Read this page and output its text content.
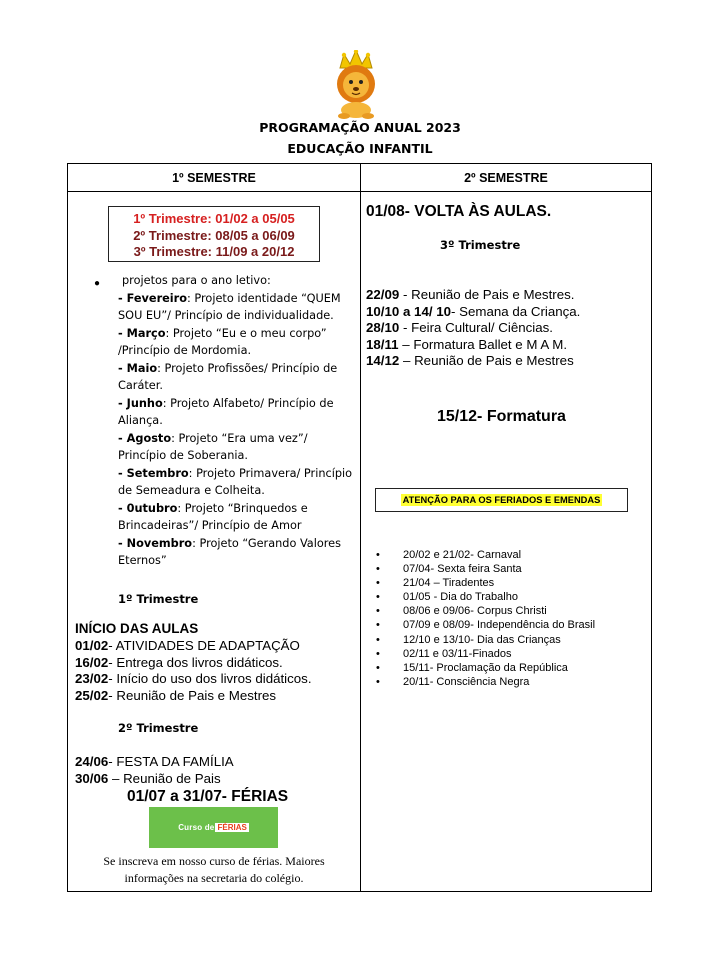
PROGRAMAÇÃO ANUAL 2023
EDUCAÇÃO INFANTIL
1º SEMESTRE	2º SEMESTRE
1º Trimestre: 01/02 a 05/05
2º Trimestre: 08/05 a 06/09
3º Trimestre: 11/09 a 20/12
●	projetos para o ano letivo:
- Fevereiro: Projeto identidade “QUEM SOU EU”/ Princípio de individualidade.
- Março: Projeto “Eu e o meu corpo” /Princípio de Mordomia.
- Maio: Projeto Profissões/ Princípio de Caráter.
- Junho: Projeto Alfabeto/ Princípio de Aliança.
- Agosto: Projeto “Era uma vez”/ Princípio de Soberania.
- Setembro: Projeto Primavera/ Princípio de Semeadura e Colheita.
- 0utubro: Projeto “Brinquedos e Brincadeiras”/ Princípio de Amor
- Novembro: Projeto “Gerando Valores Eternos”
1º Trimestre
INÍCIO DAS AULAS
01/02- ATIVIDADES DE ADAPTAÇÃO
16/02- Entrega dos livros didáticos.
23/02- Início do uso dos livros didáticos.
25/02- Reunião de Pais e Mestres
2º Trimestre
24/06- FESTA DA FAMÍLIA
30/06 – Reunião de Pais
01/07 a 31/07- FÉRIAS
Curso de FÉRIAS
Se inscreva em nosso curso de férias. Maiores informações na secretaria do colégio.
01/08- VOLTA ÀS AULAS.
3º Trimestre
22/09 - Reunião de Pais e Mestres.
10/10 a 14/ 10- Semana da Criança.
28/10 - Feira Cultural/ Ciências.
18/11 – Formatura Ballet e M A M.
14/12 – Reunião de Pais e Mestres
15/12- Formatura
ATENÇÃO PARA OS FERIADOS E EMENDAS
• 20/02 e 21/02- Carnaval
• 07/04- Sexta feira Santa
• 21/04 – Tiradentes
• 01/05 - Dia do Trabalho
• 08/06 e 09/06- Corpus Christi
• 07/09 e 08/09- Independência do Brasil
• 12/10 e 13/10- Dia das Crianças
• 02/11 e 03/11-Finados
• 15/11- Proclamação da República
• 20/11- Consciência Negra
